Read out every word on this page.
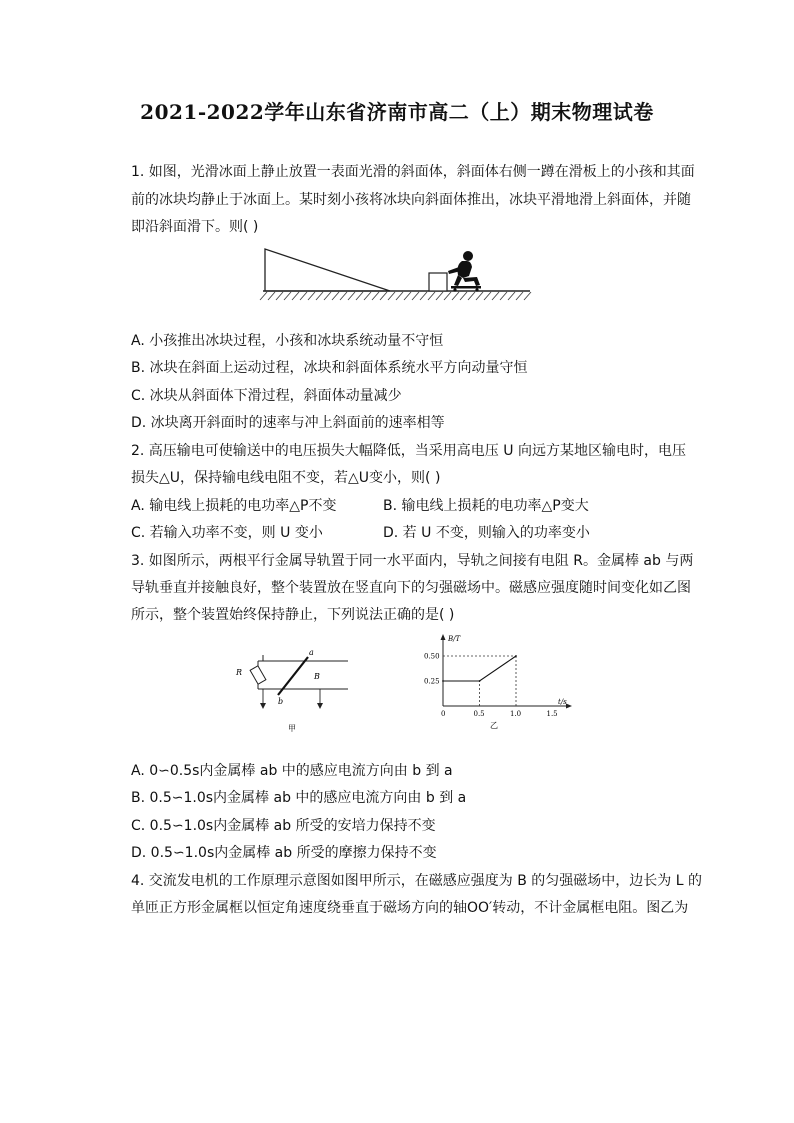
2021-2022学年山东省济南市高二（上）期末物理试卷
1. 如图，光滑冰面上静止放置一表面光滑的斜面体，斜面体右侧一蹲在滑板上的小孩和其面
前的冰块均静止于冰面上。某时刻小孩将冰块向斜面体推出，冰块平滑地滑上斜面体，并随
即沿斜面滑下。则( )
A. 小孩推出冰块过程，小孩和冰块系统动量不守恒
B. 冰块在斜面上运动过程，冰块和斜面体系统水平方向动量守恒
C. 冰块从斜面体下滑过程，斜面体动量减少
D. 冰块离开斜面时的速率与冲上斜面前的速率相等
2. 高压输电可使输送中的电压损失大幅降低，当采用高电压 U 向远方某地区输电时，电压
损失△U，保持输电线电阻不变，若△U变小，则( )
A. 输电线上损耗的电功率△P不变	B. 输电线上损耗的电功率△P变大
C. 若输入功率不变，则 U 变小	D. 若 U 不变，则输入的功率变小
3. 如图所示，两根平行金属导轨置于同一水平面内，导轨之间接有电阻 R。金属棒 ab 与两
导轨垂直并接触良好，整个装置放在竖直向下的匀强磁场中。磁感应强度随时间变化如乙图
所示，整个装置始终保持静止，下列说法正确的是( )
R
a
b
B
甲
B/T
t/s
0.25
0.50
0	0.5	1.0	1.5
乙
A. 0∽0.5s内金属棒 ab 中的感应电流方向由 b 到 a
B. 0.5∽1.0s内金属棒 ab 中的感应电流方向由 b 到 a
C. 0.5∽1.0s内金属棒 ab 所受的安培力保持不变
D. 0.5∽1.0s内金属棒 ab 所受的摩擦力保持不变
4. 交流发电机的工作原理示意图如图甲所示，在磁感应强度为 B 的匀强磁场中，边长为 L 的
单匝正方形金属框以恒定角速度绕垂直于磁场方向的轴OO′转动，不计金属框电阻。图乙为
